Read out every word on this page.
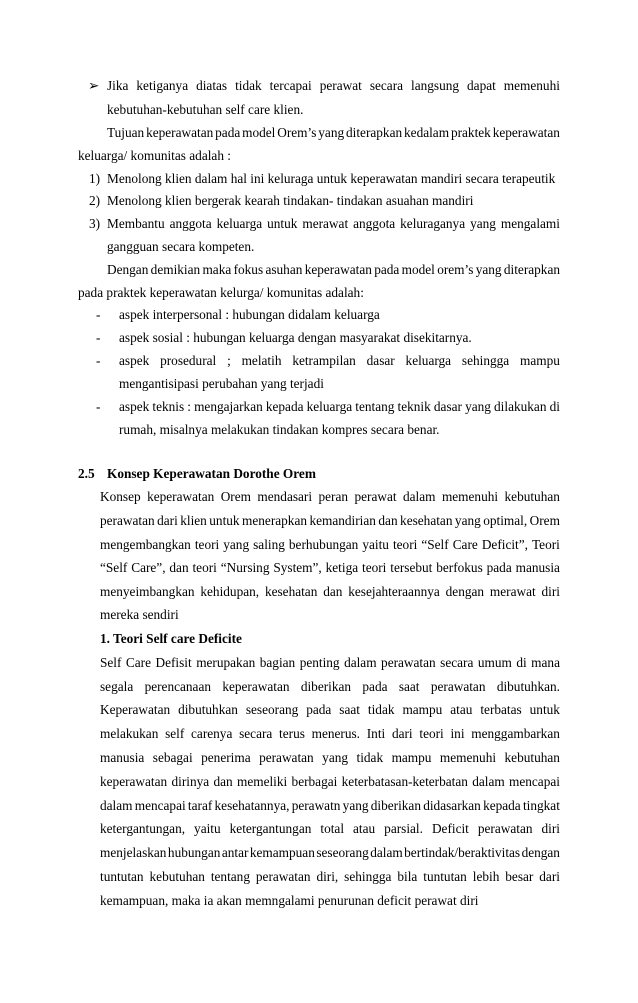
➢ Jika ketiganya diatas tidak tercapai perawat secara langsung dapat memenuhi
kebutuhan-kebutuhan self care klien.
Tujuan keperawatan pada model Orem’s yang diterapkan kedalam praktek keperawatan
keluarga/ komunitas adalah :
1) Menolong klien dalam hal ini keluraga untuk keperawatan mandiri secara terapeutik
2) Menolong klien bergerak kearah tindakan- tindakan asuahan mandiri
3) Membantu anggota keluarga untuk merawat anggota keluraganya yang mengalami
gangguan secara kompeten.
Dengan demikian maka fokus asuhan keperawatan pada model orem’s yang diterapkan
pada praktek keperawatan kelurga/ komunitas adalah:
- aspek interpersonal : hubungan didalam keluarga
- aspek sosial : hubungan keluarga dengan masyarakat disekitarnya.
- aspek prosedural ; melatih ketrampilan dasar keluarga sehingga mampu
mengantisipasi perubahan yang terjadi
- aspek teknis : mengajarkan kepada keluarga tentang teknik dasar yang dilakukan di
rumah, misalnya melakukan tindakan kompres secara benar.
2.5 Konsep Keperawatan Dorothe Orem
Konsep keperawatan Orem mendasari peran perawat dalam memenuhi kebutuhan
perawatan dari klien untuk menerapkan kemandirian dan kesehatan yang optimal, Orem
mengembangkan teori yang saling berhubungan yaitu teori “Self Care Deficit”, Teori
“Self Care”, dan teori “Nursing System”, ketiga teori tersebut berfokus pada manusia
menyeimbangkan kehidupan, kesehatan dan kesejahteraannya dengan merawat diri
mereka sendiri
1. Teori Self care Deficite
Self Care Defisit merupakan bagian penting dalam perawatan secara umum di mana
segala perencanaan keperawatan diberikan pada saat perawatan dibutuhkan.
Keperawatan dibutuhkan seseorang pada saat tidak mampu atau terbatas untuk
melakukan self carenya secara terus menerus. Inti dari teori ini menggambarkan
manusia sebagai penerima perawatan yang tidak mampu memenuhi kebutuhan
keperawatan dirinya dan memeliki berbagai keterbatasan-keterbatan dalam mencapai
dalam mencapai taraf kesehatannya, perawatn yang diberikan didasarkan kepada tingkat
ketergantungan, yaitu ketergantungan total atau parsial. Deficit perawatan diri
menjelaskan hubungan antar kemampuan seseorang dalam bertindak/beraktivitas dengan
tuntutan kebutuhan tentang perawatan diri, sehingga bila tuntutan lebih besar dari
kemampuan, maka ia akan memngalami penurunan deficit perawat diri
